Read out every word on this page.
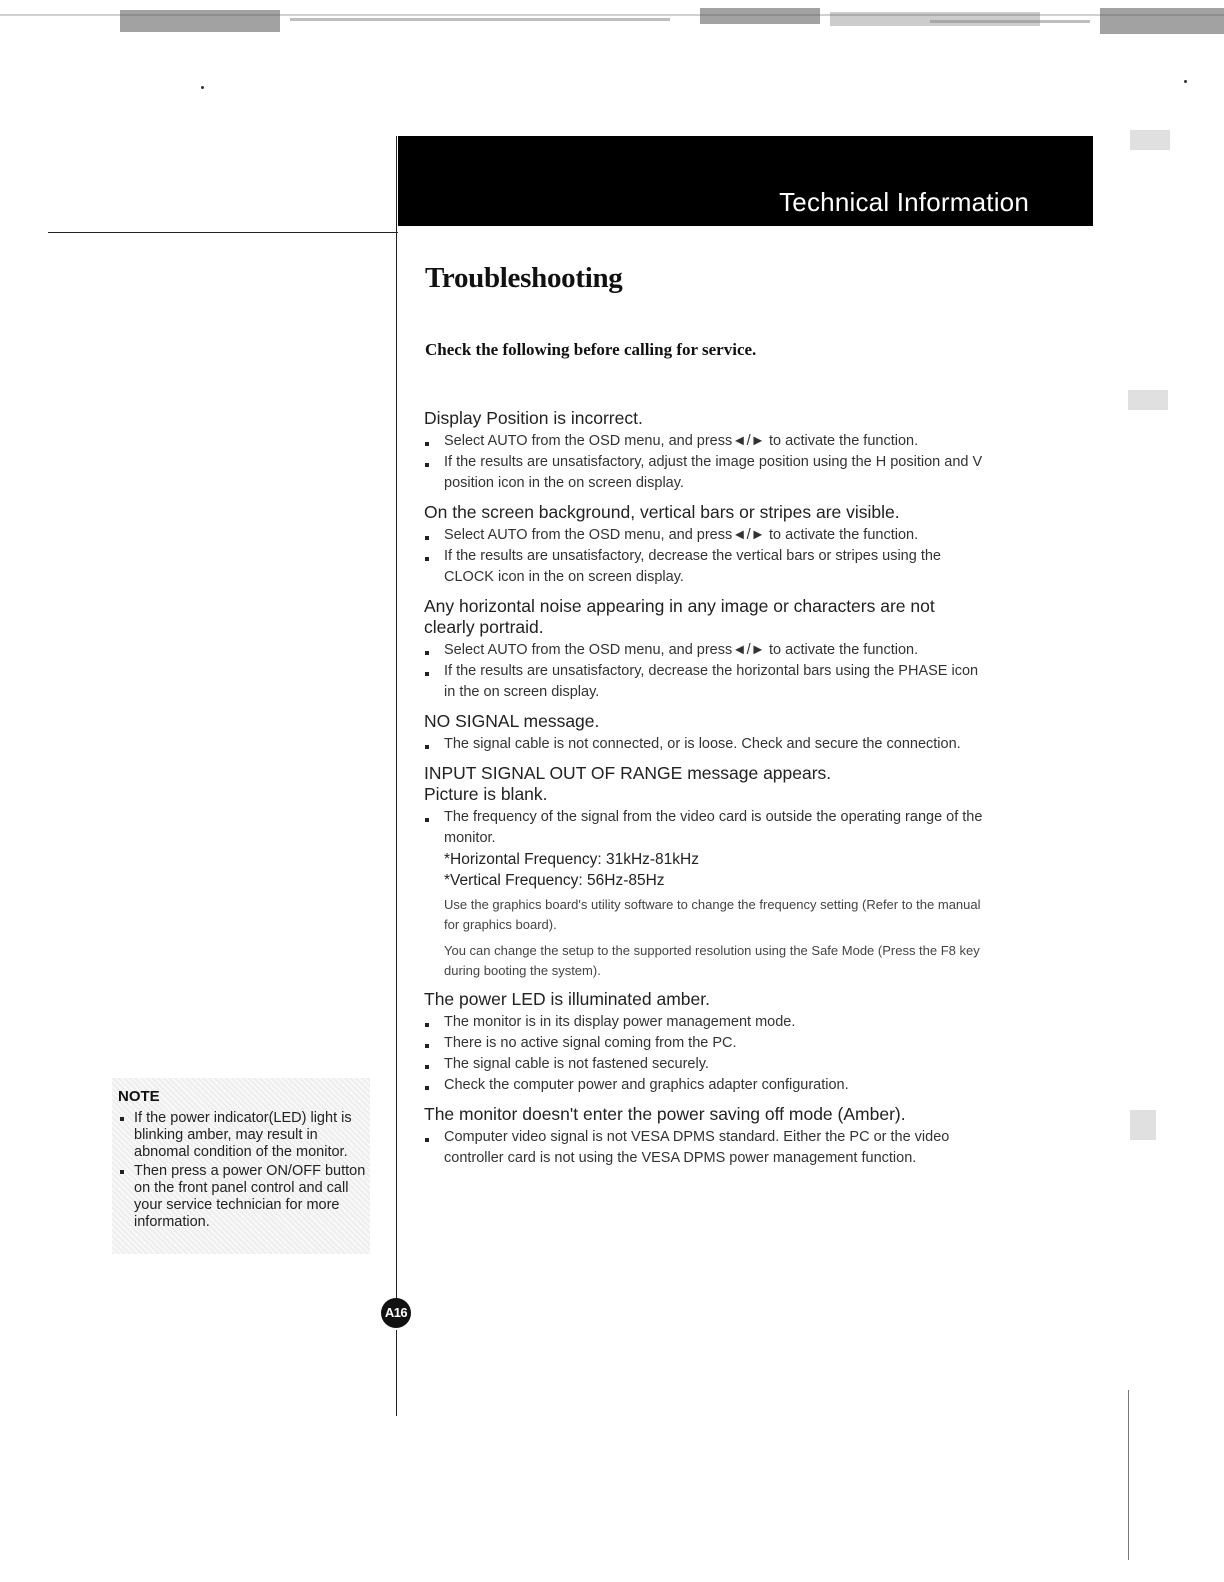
Technical Information
Troubleshooting
Check the following before calling for service.
Display Position is incorrect.
Select AUTO from the OSD menu, and press◄/► to activate the function.
If the results are unsatisfactory, adjust the image position using the H position and V position icon in the on screen display.
On the screen background, vertical bars or stripes are visible.
Select AUTO from the OSD menu, and press◄/► to activate the function.
If the results are unsatisfactory, decrease the vertical bars or stripes using the CLOCK icon in the on screen display.
Any horizontal noise appearing in any image or characters are not clearly portraid.
Select AUTO from the OSD menu, and press◄/► to activate the function.
If the results are unsatisfactory, decrease the horizontal bars using the PHASE icon in the on screen display.
NO SIGNAL message.
The signal cable is not connected, or is loose. Check and secure the connection.
INPUT SIGNAL OUT OF RANGE message appears.
Picture is blank.
The frequency of the signal from the video card is outside the operating range of the monitor.
*Horizontal Frequency: 31kHz-81kHz
*Vertical Frequency: 56Hz-85Hz
Use the graphics board's utility software to change the frequency setting (Refer to the manual for graphics board).
You can change the setup to the supported resolution using the Safe Mode (Press the F8 key during booting the system).
The power LED is illuminated amber.
The monitor is in its display power management mode.
There is no active signal coming from the PC.
The signal cable is not fastened securely.
Check the computer power and graphics adapter configuration.
The monitor doesn't enter the power saving off mode (Amber).
Computer video signal is not VESA DPMS standard. Either the PC or the video controller card is not using the VESA DPMS power management function.
NOTE
If the power indicator(LED) light is blinking amber, may result in abnomal condition of the monitor.
Then press a power ON/OFF button on the front panel control and call your service technician for more information.
A16
